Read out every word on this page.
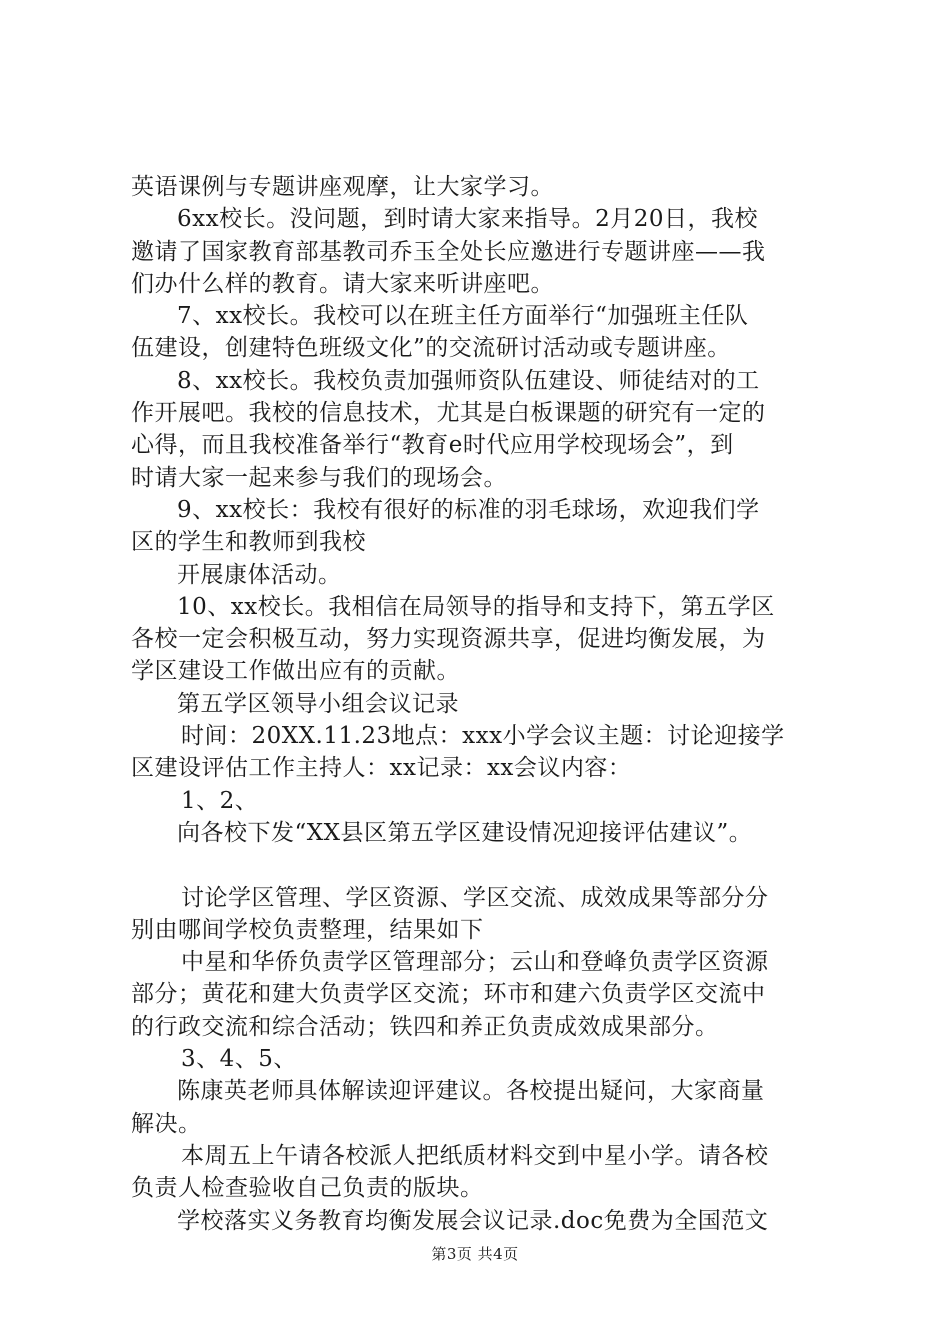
英语课例与专题讲座观摩，让大家学习。
6xx校长。没问题，到时请大家来指导。2月20日，我校
邀请了国家教育部基教司乔玉全处长应邀进行专题讲座——我
们办什么样的教育。请大家来听讲座吧。
7、xx校长。我校可以在班主任方面举行“加强班主任队
伍建设，创建特色班级文化”的交流研讨活动或专题讲座。
8、xx校长。我校负责加强师资队伍建设、师徒结对的工
作开展吧。我校的信息技术，尤其是白板课题的研究有一定的
心得，而且我校准备举行“教育e时代应用学校现场会”，到
时请大家一起来参与我们的现场会。
9、xx校长：我校有很好的标准的羽毛球场，欢迎我们学
区的学生和教师到我校
开展康体活动。
10、xx校长。我相信在局领导的指导和支持下，第五学区
各校一定会积极互动，努力实现资源共享，促进均衡发展，为
学区建设工作做出应有的贡献。
第五学区领导小组会议记录
时间：20XX.11.23地点：xxx小学会议主题：讨论迎接学
区建设评估工作主持人：xx记录：xx会议内容：
1、2、
向各校下发“XX县区第五学区建设情况迎接评估建议”。
讨论学区管理、学区资源、学区交流、成效成果等部分分
别由哪间学校负责整理，结果如下
中星和华侨负责学区管理部分；云山和登峰负责学区资源
部分；黄花和建大负责学区交流；环市和建六负责学区交流中
的行政交流和综合活动；铁四和养正负责成效成果部分。
3、4、5、
陈康英老师具体解读迎评建议。各校提出疑问，大家商量
解决。
本周五上午请各校派人把纸质材料交到中星小学。请各校
负责人检查验收自己负责的版块。
学校落实义务教育均衡发展会议记录.doc免费为全国范文
第3页 共4页
